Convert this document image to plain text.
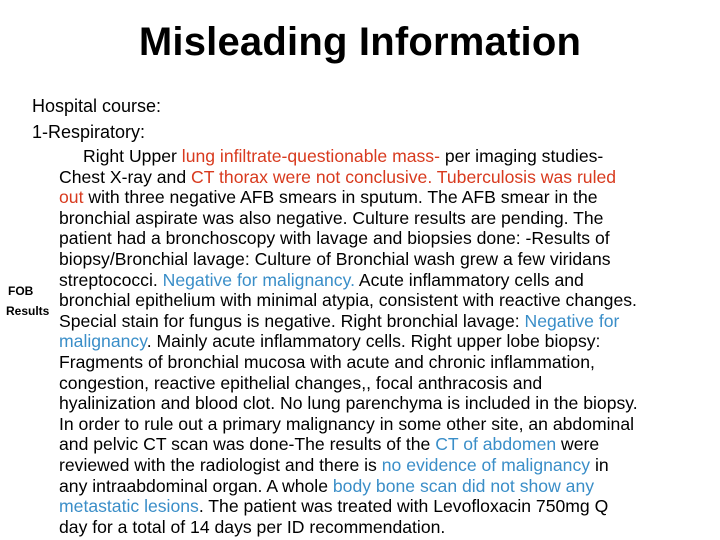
Misleading Information
Hospital course:
1-Respiratory:
FOB
Results
Right Upper lung infiltrate-questionable mass- per imaging studies-
Chest X-ray and CT thorax were not conclusive. Tuberculosis was ruled
out with three negative AFB smears in sputum. The AFB smear in the
bronchial aspirate was also negative. Culture results are pending. The
patient had a bronchoscopy with lavage and biopsies done: -Results of
biopsy/Bronchial lavage: Culture of Bronchial wash grew a few viridans
streptococci. Negative for malignancy. Acute inflammatory cells and
bronchial epithelium with minimal atypia, consistent with reactive changes.
Special stain for fungus is negative. Right bronchial lavage: Negative for
malignancy. Mainly acute inflammatory cells. Right upper lobe biopsy:
Fragments of bronchial mucosa with acute and chronic inflammation,
congestion, reactive epithelial changes,, focal anthracosis and
hyalinization and blood clot. No lung parenchyma is included in the biopsy.
In order to rule out a primary malignancy in some other site, an abdominal
and pelvic CT scan was done-The results of the CT of abdomen were
reviewed with the radiologist and there is no evidence of malignancy in
any intraabdominal organ. A whole body bone scan did not show any
metastatic lesions. The patient was treated with Levofloxacin 750mg Q
day for a total of 14 days per ID recommendation.
